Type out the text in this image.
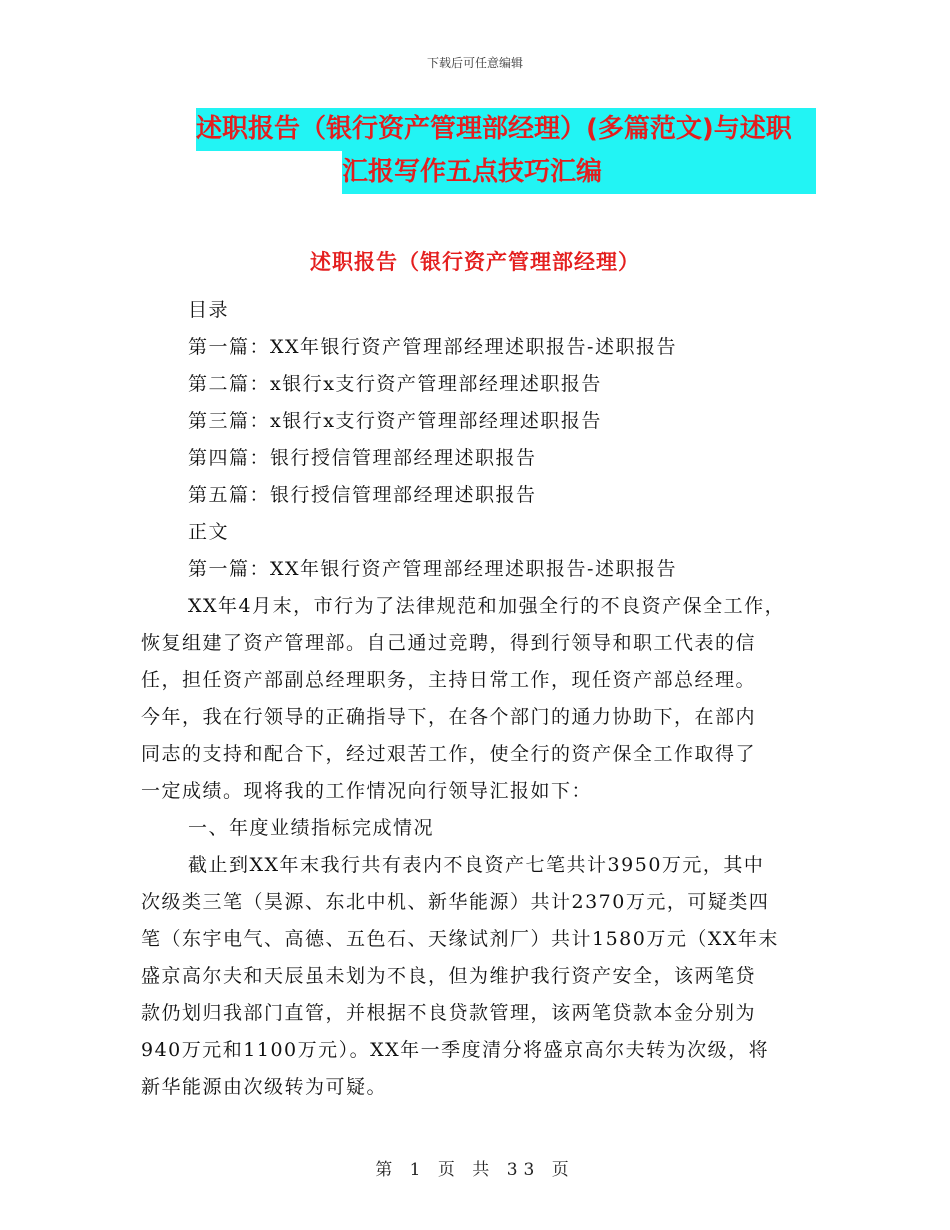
下载后可任意编辑
述职报告（银行资产管理部经理）(多篇范文)与述职
汇报写作五点技巧汇编
述职报告（银行资产管理部经理）
目录
第一篇：XX年银行资产管理部经理述职报告-述职报告
第二篇：x银行x支行资产管理部经理述职报告
第三篇：x银行x支行资产管理部经理述职报告
第四篇：银行授信管理部经理述职报告
第五篇：银行授信管理部经理述职报告
正文
第一篇：XX年银行资产管理部经理述职报告-述职报告
XX年4月末，市行为了法律规范和加强全行的不良资产保全工作，
恢复组建了资产管理部。自己通过竞聘，得到行领导和职工代表的信
任，担任资产部副总经理职务，主持日常工作，现任资产部总经理。
今年，我在行领导的正确指导下，在各个部门的通力协助下，在部内
同志的支持和配合下，经过艰苦工作，使全行的资产保全工作取得了
一定成绩。现将我的工作情况向行领导汇报如下：
一、年度业绩指标完成情况
截止到XX年末我行共有表内不良资产七笔共计3950万元，其中
次级类三笔（昊源、东北中机、新华能源）共计2370万元，可疑类四
笔（东宇电气、高德、五色石、天缘试剂厂）共计1580万元（XX年末
盛京高尔夫和天辰虽未划为不良，但为维护我行资产安全，该两笔贷
款仍划归我部门直管，并根据不良贷款管理，该两笔贷款本金分别为
940万元和1100万元）。XX年一季度清分将盛京高尔夫转为次级，将
新华能源由次级转为可疑。
第 1 页 共 33 页
